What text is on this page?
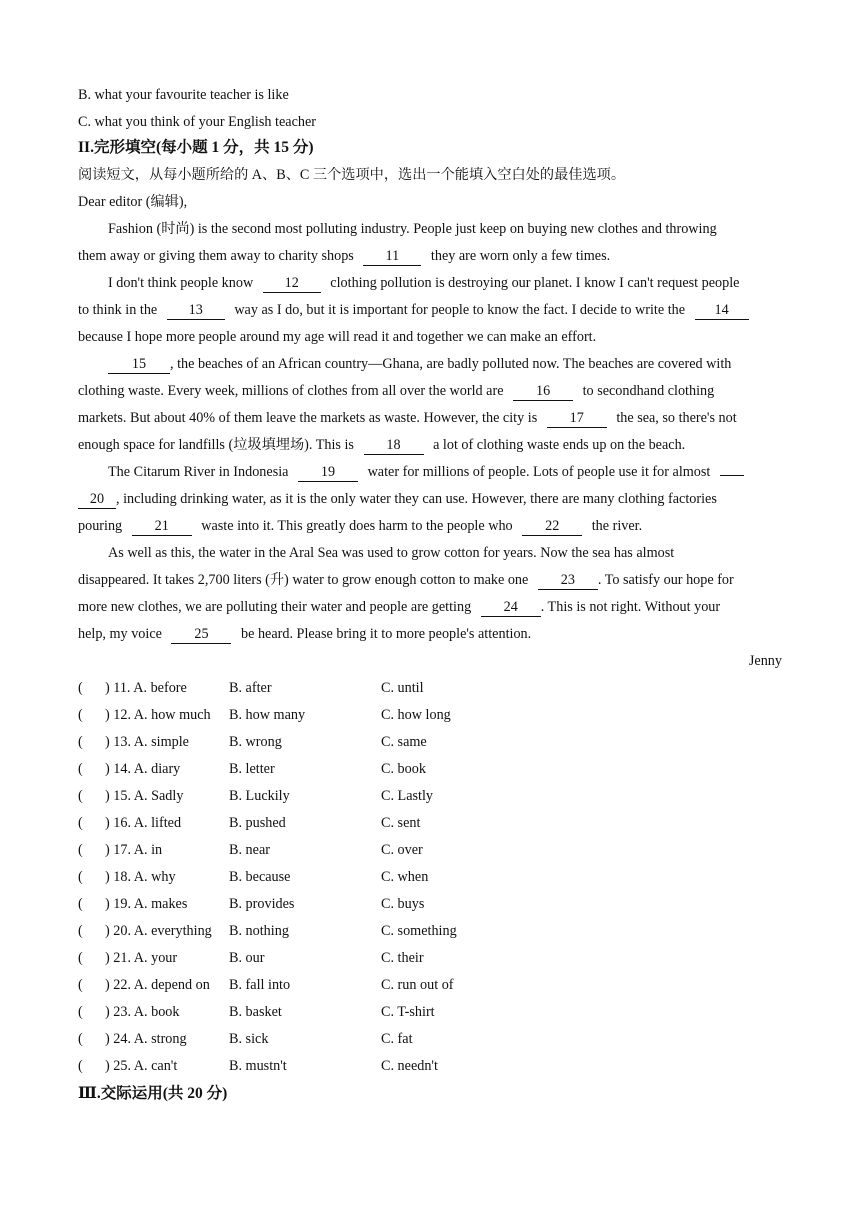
B. what your favourite teacher is like
C. what you think of your English teacher
II.完形填空(每小题 1 分，共 15 分)
阅读短文，从每小题所给的 A、B、C 三个选项中，选出一个能填入空白处的最佳选项。
Dear editor (编辑),
Fashion (时尚) is the second most polluting industry. People just keep on buying new clothes and throwing
them away or giving them away to charity shops 11 they are worn only a few times.
I don't think people know 12 clothing pollution is destroying our planet. I know I can't request people
to think in the 13 way as I do, but it is important for people to know the fact. I decide to write the 14
because I hope more people around my age will read it and together we can make an effort.
15 , the beaches of an African country—Ghana, are badly polluted now. The beaches are covered with
clothing waste. Every week, millions of clothes from all over the world are 16 to secondhand clothing
markets. But about 40% of them leave the markets as waste. However, the city is 17 the sea, so there's not
enough space for landfills (垃圾填埋场). This is 18 a lot of clothing waste ends up on the beach.
The Citarum River in Indonesia 19 water for millions of people. Lots of people use it for almost
20 , including drinking water, as it is the only water they can use. However, there are many clothing factories
pouring 21 waste into it. This greatly does harm to the people who 22 the river.
As well as this, the water in the Aral Sea was used to grow cotton for years. Now the sea has almost
disappeared. It takes 2,700 liters (升) water to grow enough cotton to make one 23 . To satisfy our hope for
more new clothes, we are polluting their water and people are getting 24 . This is not right. Without your
help, my voice 25 be heard. Please bring it to more people's attention.
Jenny
( ) 11. A. before	B. after	C. until
( ) 12. A. how much B. how many	C. how long
( ) 13. A. simple	B. wrong	C. same
( ) 14. A. diary	B. letter	C. book
( ) 15. A. Sadly	B. Luckily	C. Lastly
( ) 16. A. lifted	B. pushed	C. sent
( ) 17. A. in	B. near	C. over
( ) 18. A. why	B. because	C. when
( ) 19. A. makes	B. provides	C. buys
( ) 20. A. everything B. nothing	C. something
( ) 21. A. your	B. our	C. their
( ) 22. A. depend on B. fall into	C. run out of
( ) 23. A. book	B. basket	C. T-shirt
( ) 24. A. strong	B. sick	C. fat
( ) 25. A. can't	B. mustn't	C. needn't
Ⅲ.交际运用(共 20 分)
